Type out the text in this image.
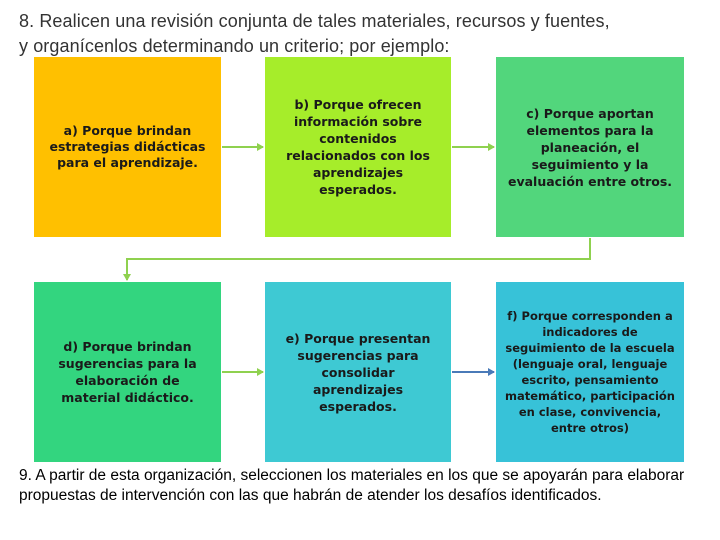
8. Realicen una revisión conjunta de tales materiales, recursos y fuentes,
y organícenlos determinando un criterio; por ejemplo:
a) Porque brindan estrategias didácticas para el aprendizaje.
b) Porque ofrecen información sobre contenidos relacionados con los aprendizajes esperados.
c) Porque aportan elementos para la planeación, el seguimiento y la evaluación entre otros.
d) Porque brindan sugerencias para la elaboración de material didáctico.
e) Porque presentan sugerencias para consolidar aprendizajes esperados.
f) Porque corresponden a indicadores de seguimiento de la escuela (lenguaje oral, lenguaje escrito, pensamiento matemático, participación en clase, convivencia, entre otros)
9. A partir de esta organización, seleccionen los materiales en los que se apoyarán para elaborar propuestas de intervención con las que habrán de atender los desafíos identificados.
